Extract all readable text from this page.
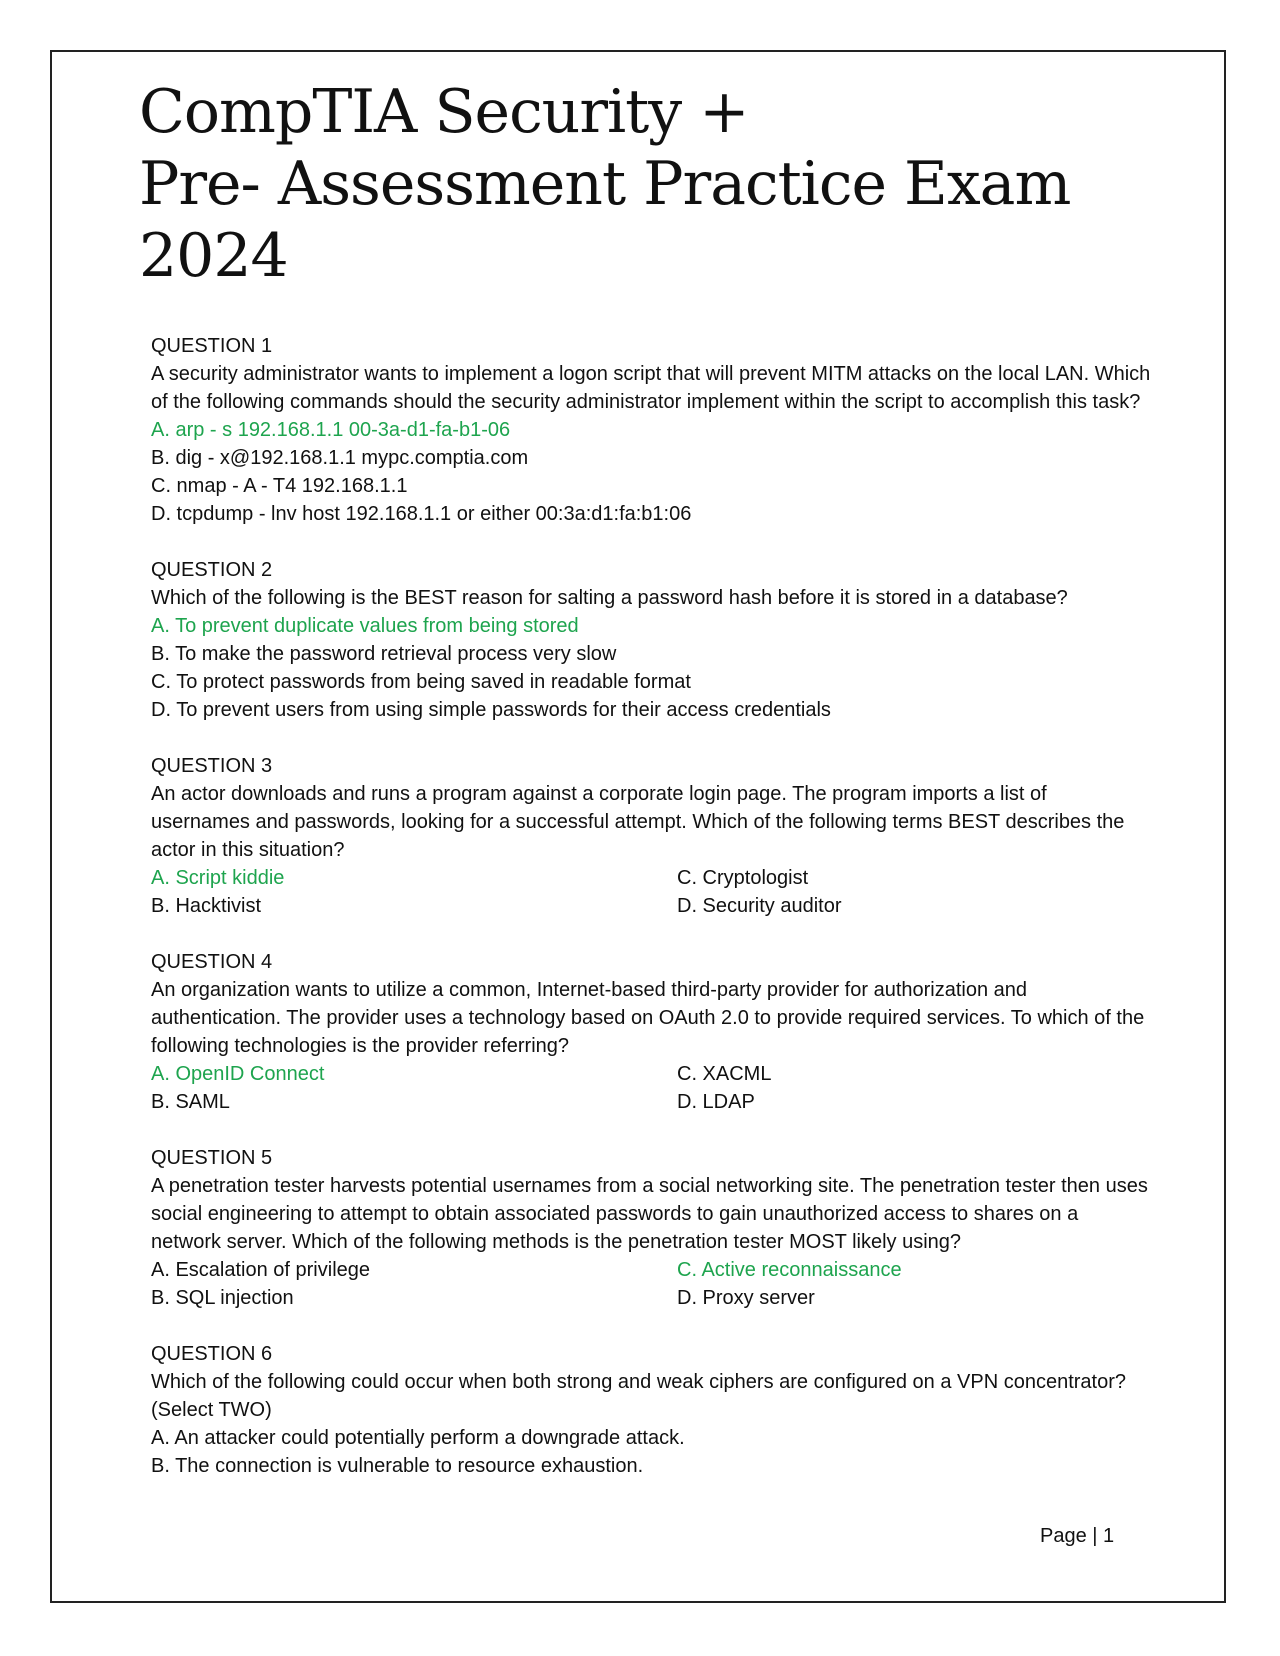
CompTIA Security +
Pre- Assessment Practice Exam
2024
QUESTION 1
A security administrator wants to implement a logon script that will prevent MITM attacks on the local LAN. Which of the following commands should the security administrator implement within the script to accomplish this task?
A. arp - s 192.168.1.1 00-3a-d1-fa-b1-06
B. dig - x@192.168.1.1 mypc.comptia.com
C. nmap - A - T4 192.168.1.1
D. tcpdump - lnv host 192.168.1.1 or either 00:3a:d1:fa:b1:06
QUESTION 2
Which of the following is the BEST reason for salting a password hash before it is stored in a database?
A. To prevent duplicate values from being stored
B. To make the password retrieval process very slow
C. To protect passwords from being saved in readable format
D. To prevent users from using simple passwords for their access credentials
QUESTION 3
An actor downloads and runs a program against a corporate login page. The program imports a list of usernames and passwords, looking for a successful attempt. Which of the following terms BEST describes the actor in this situation?
A. Script kiddie	C. Cryptologist
B. Hacktivist	D. Security auditor
QUESTION 4
An organization wants to utilize a common, Internet-based third-party provider for authorization and authentication. The provider uses a technology based on OAuth 2.0 to provide required services. To which of the following technologies is the provider referring?
A. OpenID Connect	C. XACML
B. SAML	D. LDAP
QUESTION 5
A penetration tester harvests potential usernames from a social networking site. The penetration tester then uses social engineering to attempt to obtain associated passwords to gain unauthorized access to shares on a network server. Which of the following methods is the penetration tester MOST likely using?
A. Escalation of privilege	C. Active reconnaissance
B. SQL injection	D. Proxy server
QUESTION 6
Which of the following could occur when both strong and weak ciphers are configured on a VPN concentrator? (Select TWO)
A. An attacker could potentially perform a downgrade attack.
B. The connection is vulnerable to resource exhaustion.
Page | 1
